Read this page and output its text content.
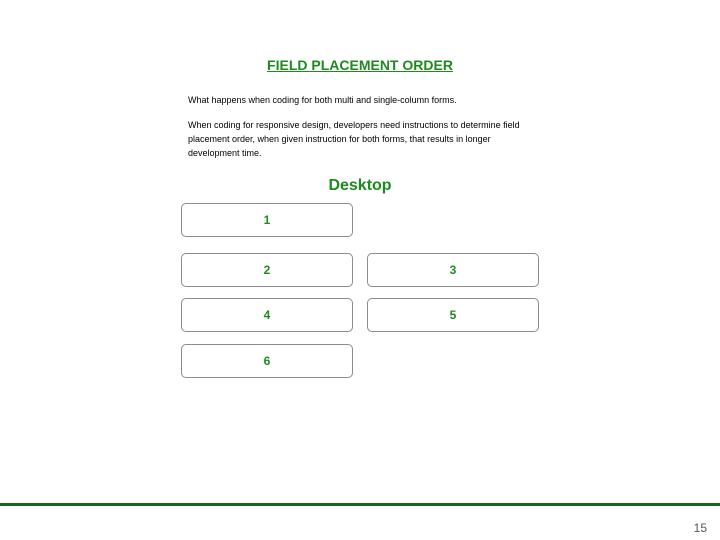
FIELD PLACEMENT ORDER

What happens when coding for both multi and single-column forms.

When coding for responsive design, developers need instructions to determine field placement order, when given instruction for both forms, that results in longer development time.

Desktop
1
2	3
4	5
6
15
